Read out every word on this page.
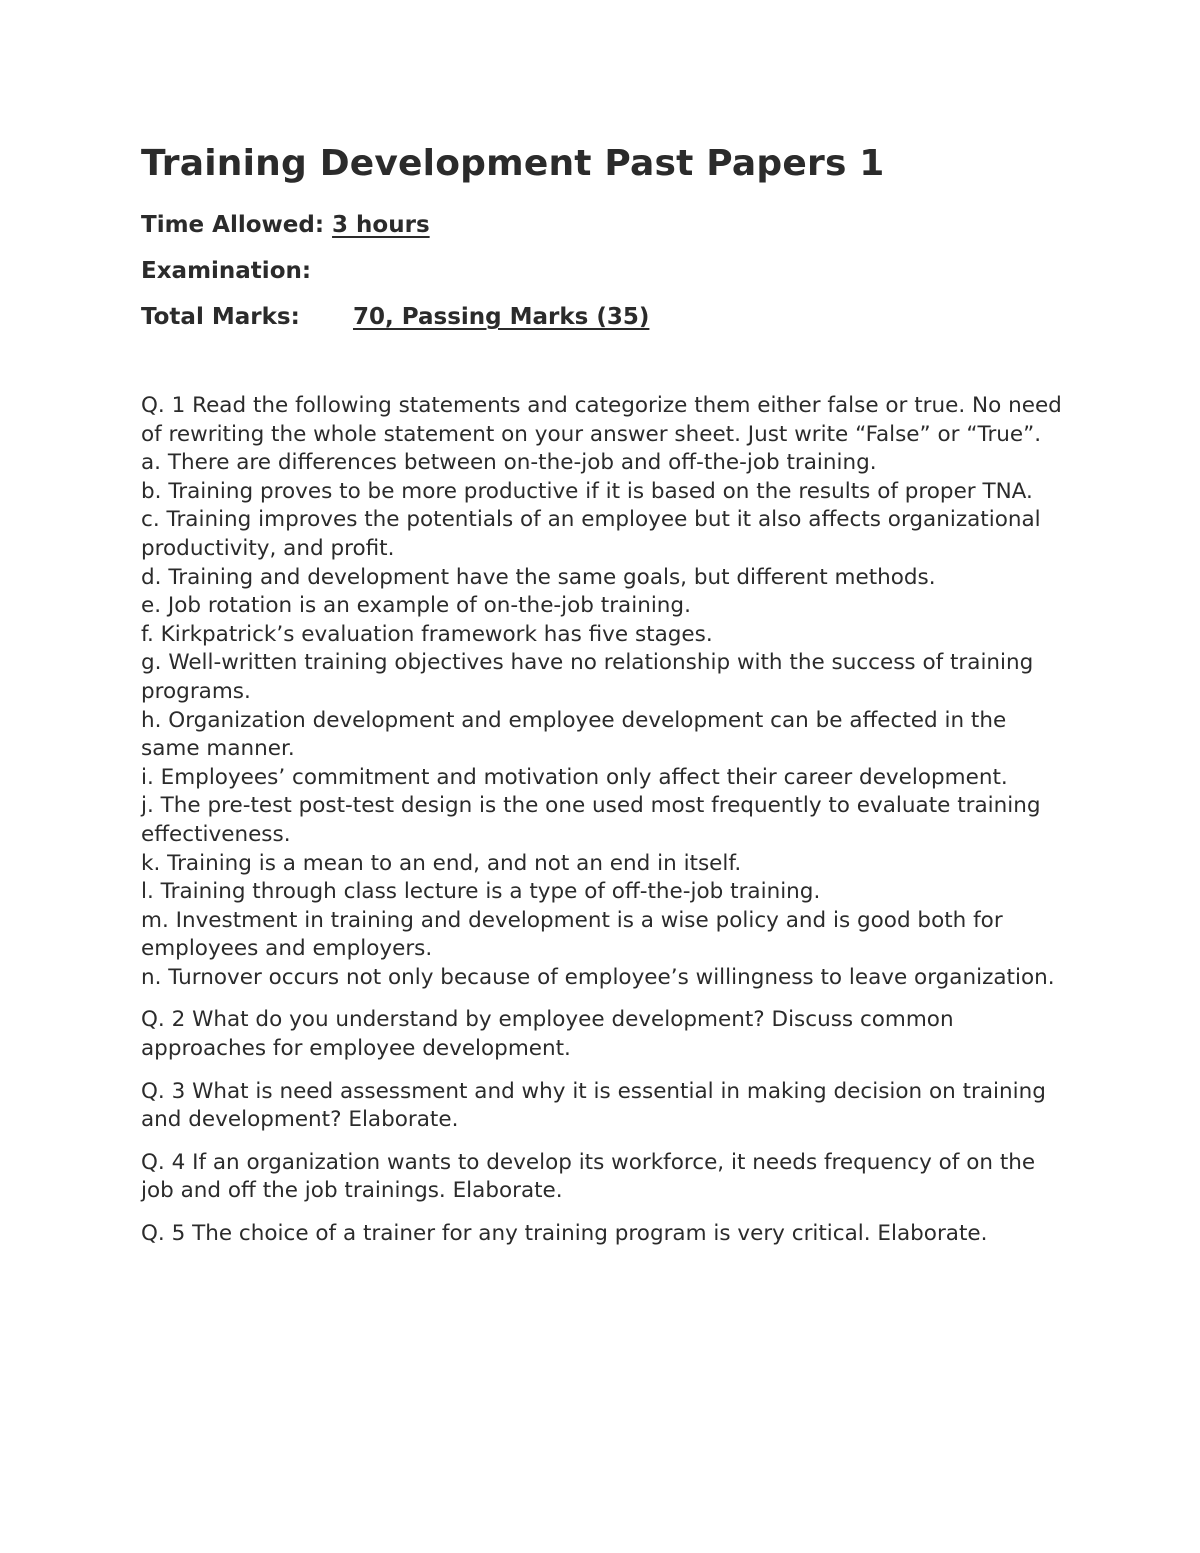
Training Development Past Papers 1
Time Allowed: 3 hours
Examination:
Total Marks: 70, Passing Marks (35)
Q. 1 Read the following statements and categorize them either false or true. No need of rewriting the whole statement on your answer sheet. Just write “False” or “True”.
a. There are differences between on-the-job and off-the-job training.
b. Training proves to be more productive if it is based on the results of proper TNA.
c. Training improves the potentials of an employee but it also affects organizational productivity, and profit.
d. Training and development have the same goals, but different methods.
e. Job rotation is an example of on-the-job training.
f. Kirkpatrick’s evaluation framework has five stages.
g. Well-written training objectives have no relationship with the success of training programs.
h. Organization development and employee development can be affected in the same manner.
i. Employees’ commitment and motivation only affect their career development.
j. The pre-test post-test design is the one used most frequently to evaluate training effectiveness.
k. Training is a mean to an end, and not an end in itself.
l. Training through class lecture is a type of off-the-job training.
m. Investment in training and development is a wise policy and is good both for employees and employers.
n. Turnover occurs not only because of employee’s willingness to leave organization.
Q. 2 What do you understand by employee development? Discuss common approaches for employee development.
Q. 3 What is need assessment and why it is essential in making decision on training and development? Elaborate.
Q. 4 If an organization wants to develop its workforce, it needs frequency of on the job and off the job trainings. Elaborate.
Q. 5 The choice of a trainer for any training program is very critical. Elaborate.
